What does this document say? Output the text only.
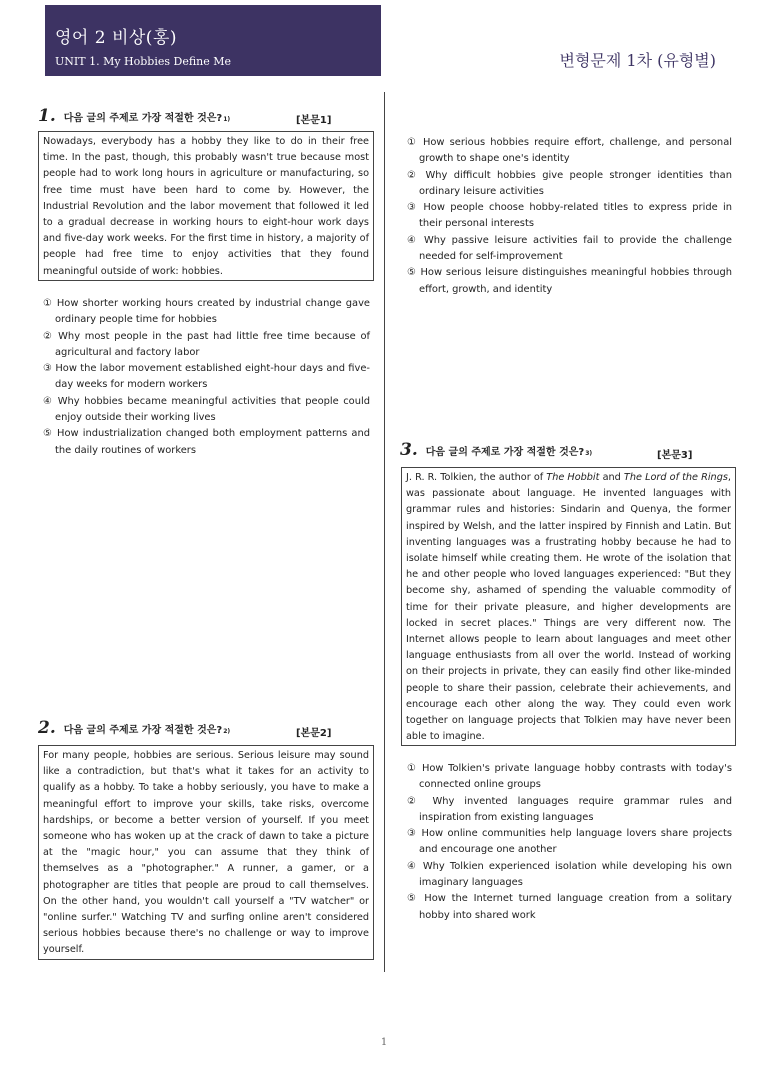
영어 2 비상(홍)
UNIT 1. My Hobbies Define Me	변형문제 1차 (유형별)
1. 다음 글의 주제로 가장 적절한 것은? 1)	[본문1]
Nowadays, everybody has a hobby they like to do in their free time. In the past, though, this probably wasn't true because most people had to work long hours in agriculture or manufacturing, so free time must have been hard to come by. However, the Industrial Revolution and the labor movement that followed it led to a gradual decrease in working hours to eight-hour work days and five-day work weeks. For the first time in history, a majority of people had free time to enjoy activities that they found meaningful outside of work: hobbies.
① How shorter working hours created by industrial change gave ordinary people time for hobbies
② Why most people in the past had little free time because of agricultural and factory labor
③ How the labor movement established eight-hour days and five-day weeks for modern workers
④ Why hobbies became meaningful activities that people could enjoy outside their working lives
⑤ How industrialization changed both employment patterns and the daily routines of workers
2. 다음 글의 주제로 가장 적절한 것은? 2)	[본문2]
For many people, hobbies are serious. Serious leisure may sound like a contradiction, but that's what it takes for an activity to qualify as a hobby. To take a hobby seriously, you have to make a meaningful effort to improve your skills, take risks, overcome hardships, or become a better version of yourself. If you meet someone who has woken up at the crack of dawn to take a picture at the "magic hour," you can assume that they think of themselves as a "photographer." A runner, a gamer, or a photographer are titles that people are proud to call themselves. On the other hand, you wouldn't call yourself a "TV watcher" or "online surfer." Watching TV and surfing online aren't considered serious hobbies because there's no challenge or way to improve yourself.
① How serious hobbies require effort, challenge, and personal growth to shape one's identity
② Why difficult hobbies give people stronger identities than ordinary leisure activities
③ How people choose hobby-related titles to express pride in their personal interests
④ Why passive leisure activities fail to provide the challenge needed for self-improvement
⑤ How serious leisure distinguishes meaningful hobbies through effort, growth, and identity
3. 다음 글의 주제로 가장 적절한 것은? 3)	[본문3]
J. R. R. Tolkien, the author of The Hobbit and The Lord of the Rings, was passionate about language. He invented languages with grammar rules and histories: Sindarin and Quenya, the former inspired by Welsh, and the latter inspired by Finnish and Latin. But inventing languages was a frustrating hobby because he had to isolate himself while creating them. He wrote of the isolation that he and other people who loved languages experienced: "But they become shy, ashamed of spending the valuable commodity of time for their private pleasure, and higher developments are locked in secret places." Things are very different now. The Internet allows people to learn about languages and meet other language enthusiasts from all over the world. Instead of working on their projects in private, they can easily find other like-minded people to share their passion, celebrate their achievements, and encourage each other along the way. They could even work together on language projects that Tolkien may have never been able to imagine.
① How Tolkien's private language hobby contrasts with today's connected online groups
② Why invented languages require grammar rules and inspiration from existing languages
③ How online communities help language lovers share projects and encourage one another
④ Why Tolkien experienced isolation while developing his own imaginary languages
⑤ How the Internet turned language creation from a solitary hobby into shared work
1
